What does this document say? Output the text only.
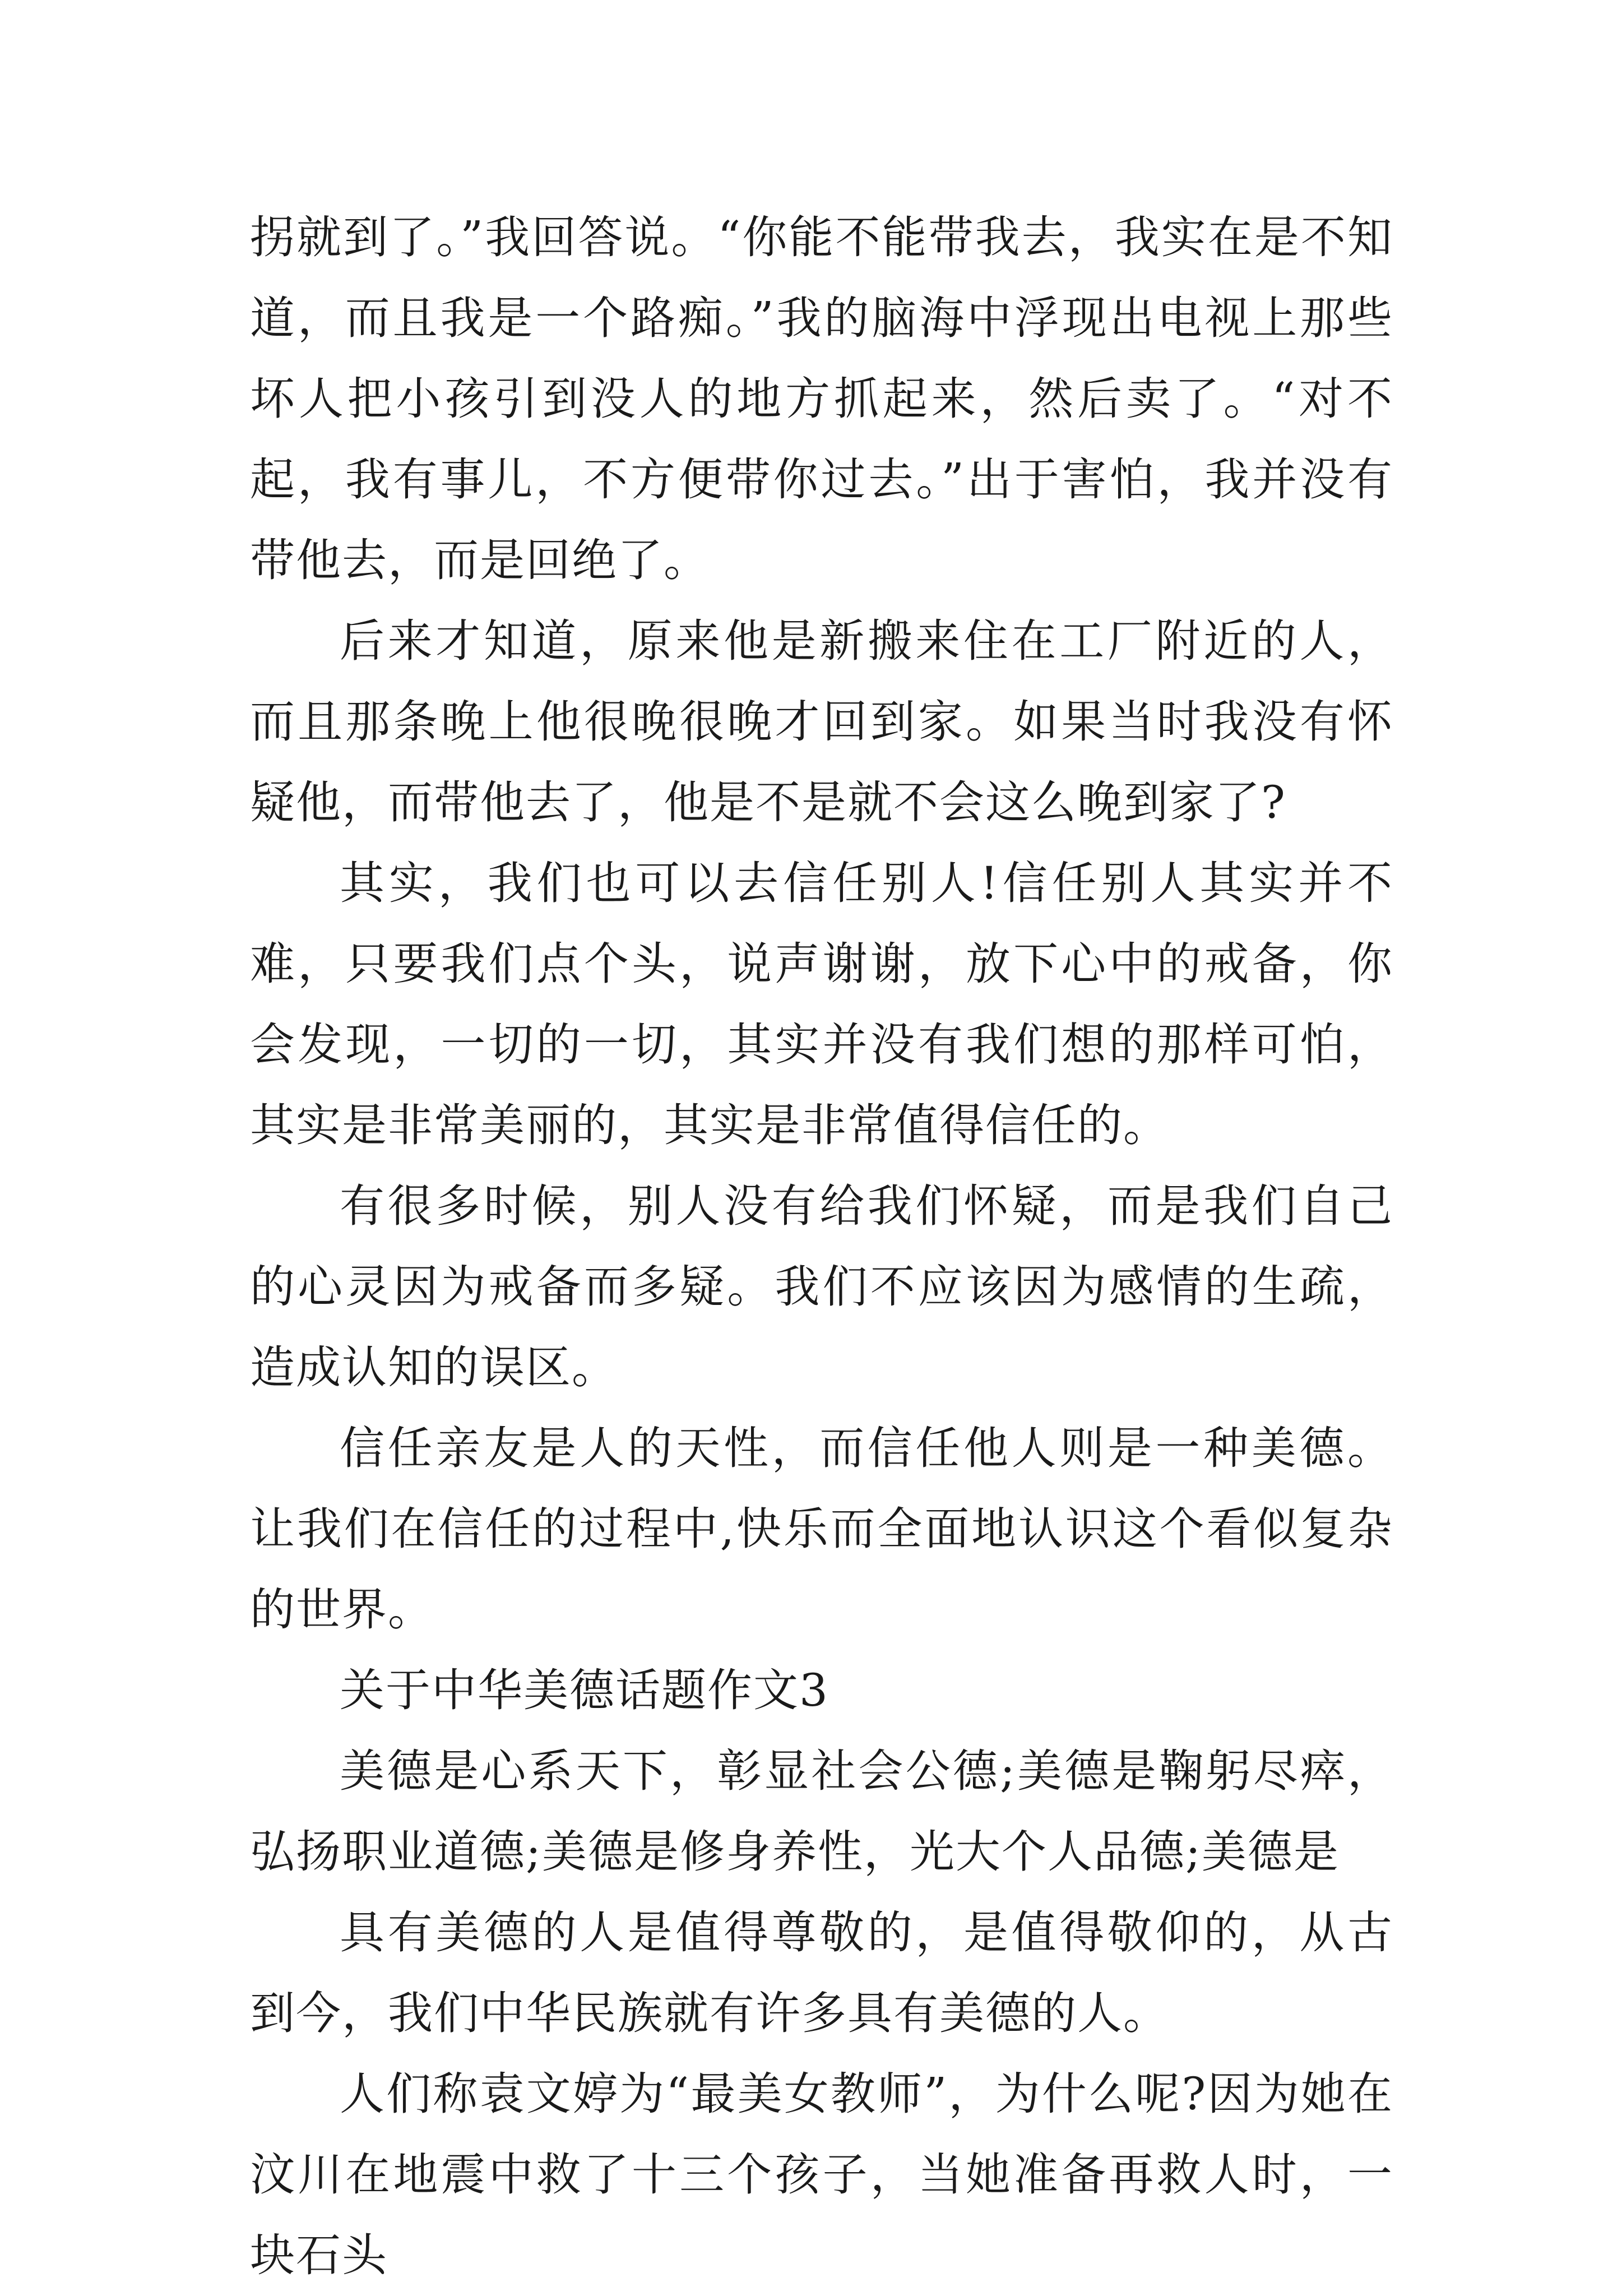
拐就到了。”我回答说。“你能不能带我去，我实在是不知道，而且我是一个路痴。”我的脑海中浮现出电视上那些坏人把小孩引到没人的地方抓起来，然后卖了。“对不起，我有事儿，不方便带你过去。”出于害怕，我并没有带他去，而是回绝了。

后来才知道，原来他是新搬来住在工厂附近的人，而且那条晚上他很晚很晚才回到家。如果当时我没有怀疑他，而带他去了，他是不是就不会这么晚到家了?

其实，我们也可以去信任别人!信任别人其实并不难，只要我们点个头，说声谢谢，放下心中的戒备，你会发现，一切的一切，其实并没有我们想的那样可怕，其实是非常美丽的，其实是非常值得信任的。

有很多时候，别人没有给我们怀疑，而是我们自己的心灵因为戒备而多疑。我们不应该因为感情的生疏，造成认知的误区。

信任亲友是人的天性，而信任他人则是一种美德。让我们在信任的过程中,快乐而全面地认识这个看似复杂的世界。

关于中华美德话题作文3

美德是心系天下，彰显社会公德;美德是鞠躬尽瘁，弘扬职业道德;美德是修身养性，光大个人品德;美德是

具有美德的人是值得尊敬的，是值得敬仰的，从古到今，我们中华民族就有许多具有美德的人。

人们称袁文婷为“最美女教师”，为什么呢?因为她在汶川在地震中救了十三个孩子，当她准备再救人时，一块石头
